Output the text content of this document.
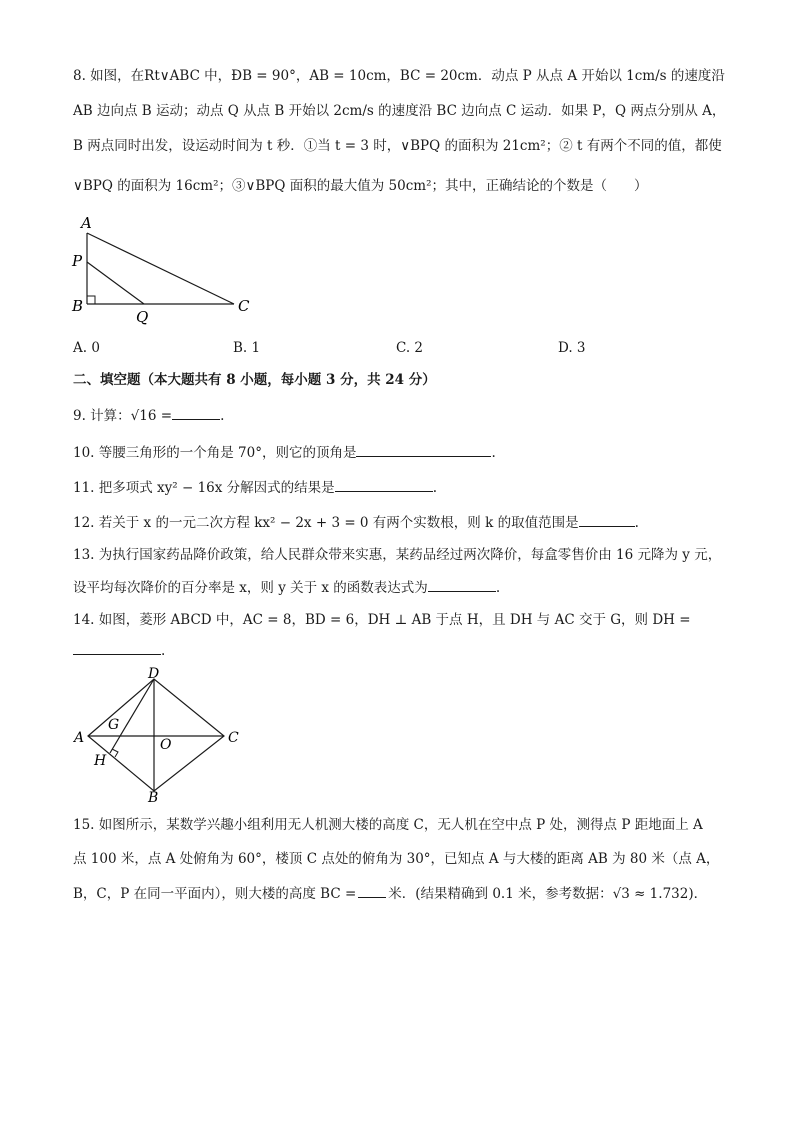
8. 如图，在Rt∨ABC 中，ÐB = 90°，AB = 10cm，BC = 20cm．动点 P 从点 A 开始以 1cm/s 的速度沿
AB 边向点 B 运动；动点 Q 从点 B 开始以 2cm/s 的速度沿 BC 边向点 C 运动．如果 P，Q 两点分别从 A，
B 两点同时出发，设运动时间为 t 秒．①当 t = 3 时，∨BPQ 的面积为 21cm²；② t 有两个不同的值，都使
∨BPQ 的面积为 16cm²；③∨BPQ 面积的最大值为 50cm²；其中，正确结论的个数是（　　）
A
P
B
Q
C
A. 0	B. 1	C. 2	D. 3
二、填空题（本大题共有 8 小题，每小题 3 分，共 24 分）
9. 计算：√16 =	.
10. 等腰三角形的一个角是 70°，则它的顶角是	.
11. 把多项式 xy² − 16x 分解因式的结果是	.
12. 若关于 x 的一元二次方程 kx² − 2x + 3 = 0 有两个实数根，则 k 的取值范围是	.
13. 为执行国家药品降价政策，给人民群众带来实惠，某药品经过两次降价，每盒零售价由 16 元降为 y 元，
设平均每次降价的百分率是 x，则 y 关于 x 的函数表达式为	.
14. 如图，菱形 ABCD 中，AC = 8，BD = 6，DH ⊥ AB 于点 H，且 DH 与 AC 交于 G，则 DH =
.
D
G
A	O	C
H
B
15. 如图所示，某数学兴趣小组利用无人机测大楼的高度 C，无人机在空中点 P 处，测得点 P 距地面上 A
点 100 米，点 A 处俯角为 60°，楼顶 C 点处的俯角为 30°，已知点 A 与大楼的距离 AB 为 80 米（点 A，
B，C，P 在同一平面内），则大楼的高度 BC = 米．(结果精确到 0.1 米，参考数据：√3 ≈ 1.732)．
